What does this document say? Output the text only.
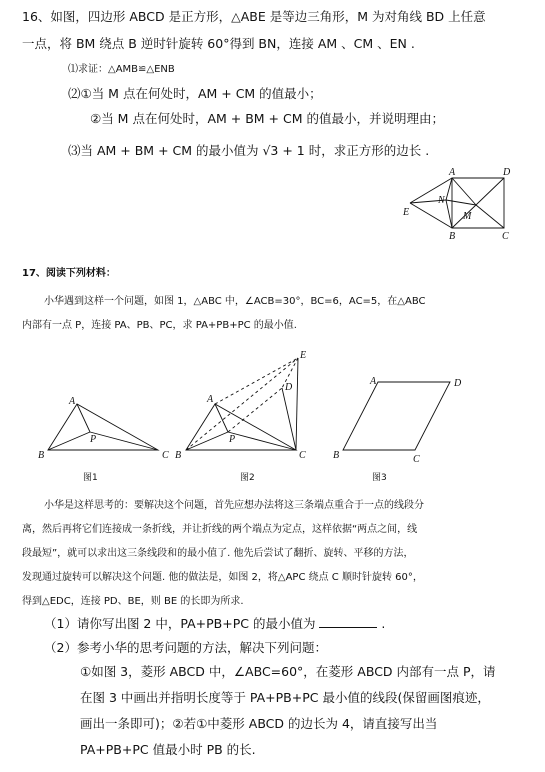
16、如图，四边形 ABCD 是正方形，△ABE 是等边三角形，M 为对角线 BD 上任意
一点，将 BM 绕点 B 逆时针旋转 60°得到 BN，连接 AM 、CM 、EN .
⑴求证：△AMB≌△ENB
⑵①当 M 点在何处时，AM + CM 的值最小；
②当 M 点在何处时，AM + BM + CM 的值最小，并说明理由；
⑶当 AM + BM + CM 的最小值为 √3 + 1 时，求正方形的边长 .
A	D
E
N
M
B	C
17、阅读下列材料：
小华遇到这样一个问题，如图 1，△ABC 中，∠ACB=30°，BC=6，AC=5，在△ABC
内部有一点 P，连接 PA、PB、PC，求 PA+PB+PC 的最小值.
A
P
B	C
图1
A
P
B	C
D
E
图2
A	D
B	C
图3
小华是这样思考的：要解决这个问题，首先应想办法将这三条端点重合于一点的线段分
离，然后再将它们连接成一条折线，并让折线的两个端点为定点，这样依据“两点之间，线
段最短”，就可以求出这三条线段和的最小值了. 他先后尝试了翻折、旋转、平移的方法，
发现通过旋转可以解决这个问题. 他的做法是，如图 2，将△APC 绕点 C 顺时针旋转 60°，
得到△EDC，连接 PD、BE，则 BE 的长即为所求.
（1）请你写出图 2 中，PA+PB+PC 的最小值为	.
（2）参考小华的思考问题的方法，解决下列问题：
①如图 3，菱形 ABCD 中，∠ABC=60°，在菱形 ABCD 内部有一点 P，请
在图 3 中画出并指明长度等于 PA+PB+PC 最小值的线段(保留画图痕迹，
画出一条即可)；②若①中菱形 ABCD 的边长为 4，请直接写出当
PA+PB+PC 值最小时 PB 的长.
